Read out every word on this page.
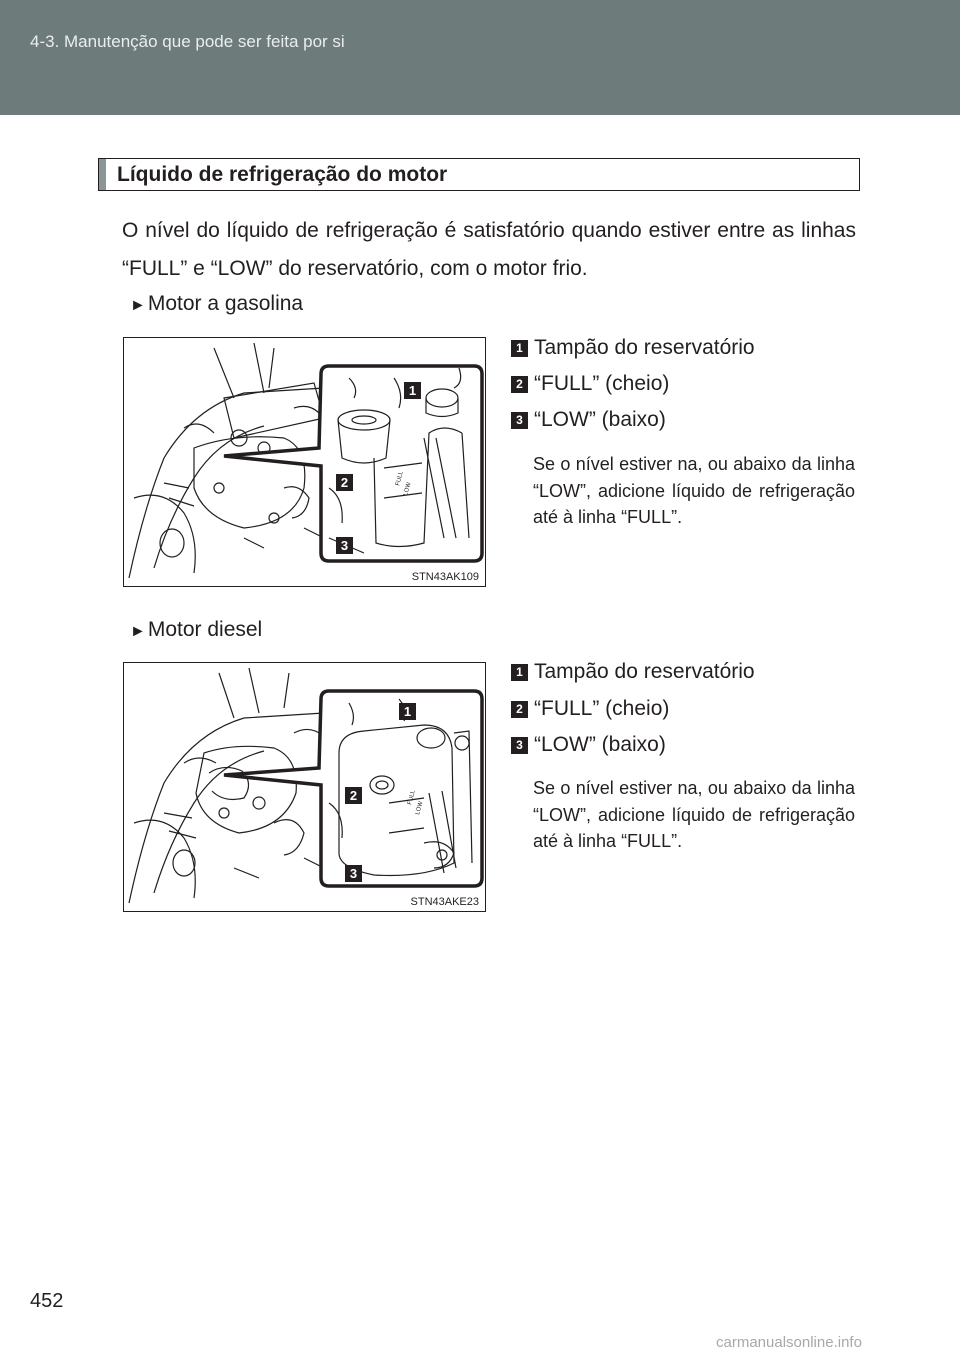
4-3. Manutenção que pode ser feita por si
Líquido de refrigeração do motor

O nível do líquido de refrigeração é satisfatório quando estiver entre as linhas “FULL” e “LOW” do reservatório, com o motor frio.

►Motor a gasolina
FULL
LOW
1
2
3
STN43AK109
1 Tampão do reservatório
2 “FULL” (cheio)
3 “LOW” (baixo)

Se o nível estiver na, ou abaixo da linha “LOW”, adicione líquido de refrigeração até à linha “FULL”.

►Motor diesel
FULL
LOW
1
2
3
STN43AKE23
1 Tampão do reservatório
2 “FULL” (cheio)
3 “LOW” (baixo)

Se o nível estiver na, ou abaixo da linha “LOW”, adicione líquido de refrigeração até à linha “FULL”.

452
carmanualsonline.info
